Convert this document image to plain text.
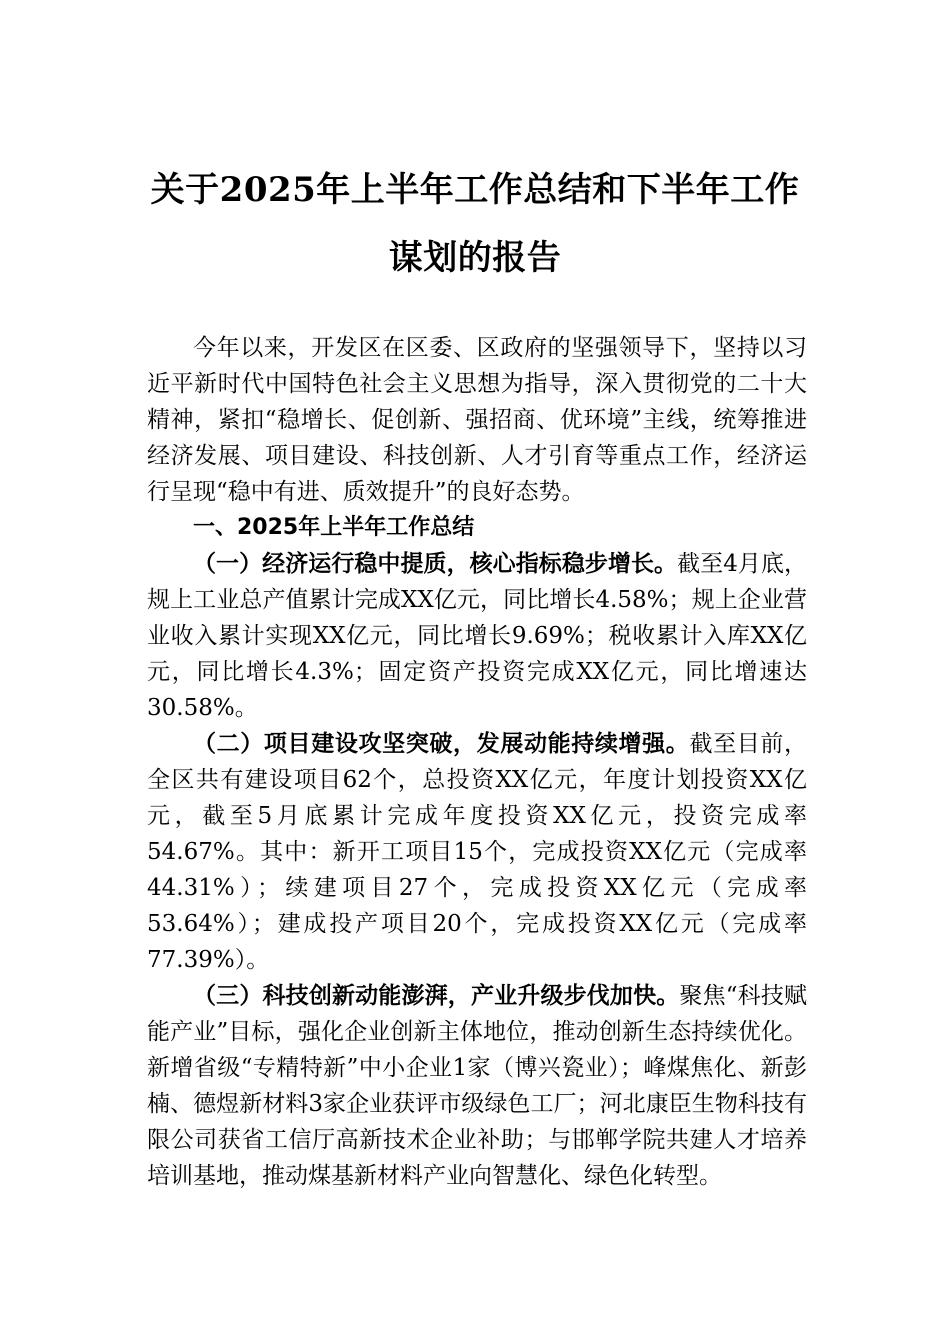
关于2025年上半年工作总结和下半年工作
谋划的报告

今年以来，开发区在区委、区政府的坚强领导下，坚持以习近平新时代中国特色社会主义思想为指导，深入贯彻党的二十大精神，紧扣“稳增长、促创新、强招商、优环境”主线，统筹推进经济发展、项目建设、科技创新、人才引育等重点工作，经济运行呈现“稳中有进、质效提升”的良好态势。

一、2025年上半年工作总结

（一）经济运行稳中提质，核心指标稳步增长。截至4月底，规上工业总产值累计完成XX亿元，同比增长4.58%；规上企业营业收入累计实现XX亿元，同比增长9.69%；税收累计入库XX亿元，同比增长4.3%；固定资产投资完成XX亿元，同比增速达30.58%。

（二）项目建设攻坚突破，发展动能持续增强。截至目前，全区共有建设项目62个，总投资XX亿元，年度计划投资XX亿元，截至5月底累计完成年度投资XX亿元，投资完成率54.67%。其中：新开工项目15个，完成投资XX亿元（完成率44.31%）；续建项目27个，完成投资XX亿元（完成率53.64%）；建成投产项目20个，完成投资XX亿元（完成率77.39%）。

（三）科技创新动能澎湃，产业升级步伐加快。聚焦“科技赋能产业”目标，强化企业创新主体地位，推动创新生态持续优化。新增省级“专精特新”中小企业1家（博兴瓷业）；峰煤焦化、新彭楠、德煜新材料3家企业获评市级绿色工厂；河北康臣生物科技有限公司获省工信厅高新技术企业补助；与邯郸学院共建人才培养培训基地，推动煤基新材料产业向智慧化、绿色化转型。
